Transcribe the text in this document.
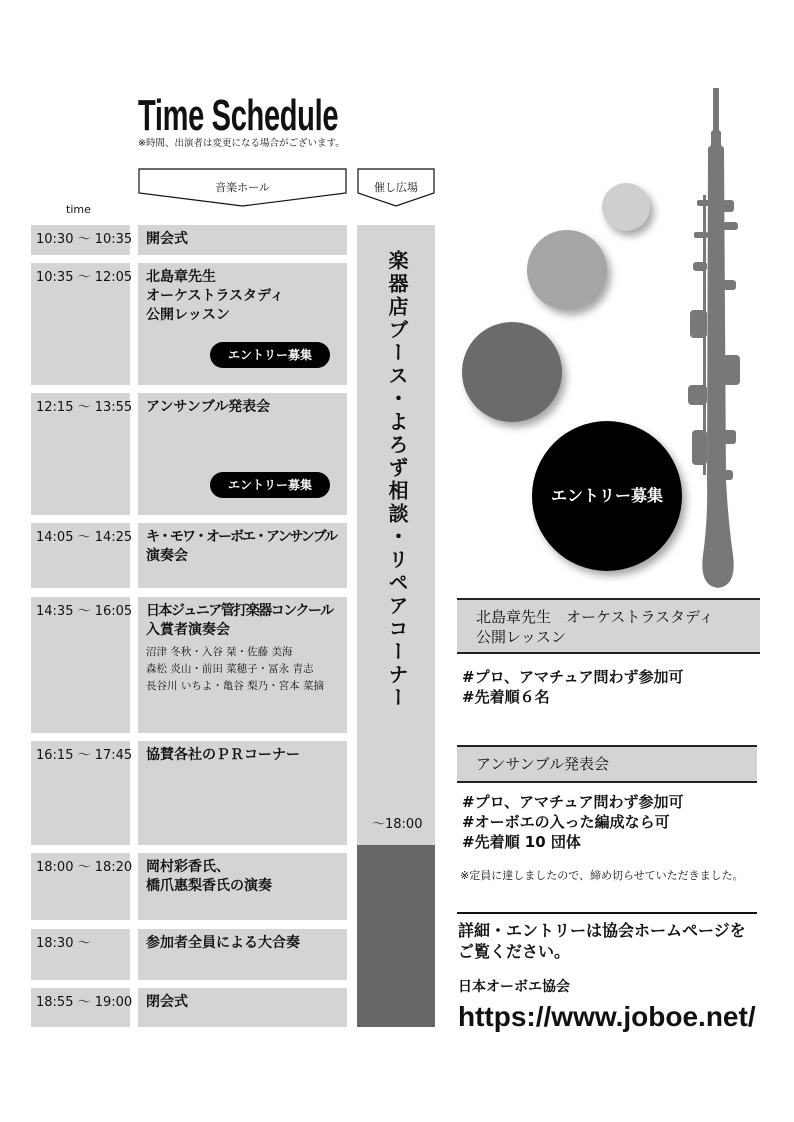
Time Schedule
※時間、出演者は変更になる場合がございます。
音楽ホール	催し広場
time
10:30 ～ 10:35
10:35 ～ 12:05
12:15 ～ 13:55
14:05 ～ 14:25
14:35 ～ 16:05
16:15 ～ 17:45
18:00 ～ 18:20
18:30 ～
18:55 ～ 19:00
開会式
北島章先生
オーケストラスタディ
公開レッスン
エントリー募集
アンサンブル発表会
エントリー募集
キ・モワ・オーボエ・アンサンブル
演奏会
日本ジュニア管打楽器コンクール
入賞者演奏会
沼津 冬秋・入谷 栞・佐藤 美海
森松 炎山・前田 菜穂子・冨永 青志
長谷川 いちよ・亀谷 梨乃・宮本 菜摘
協賛各社のＰＲコーナー
岡村彩香氏、
橋爪惠梨香氏の演奏
参加者全員による大合奏
閉会式
楽器店ブース・よろず相談・リペアコーナー
～18:00
エントリー募集
北島章先生　オーケストラスタディ
公開レッスン
#プロ、アマチュア問わず参加可
#先着順６名
アンサンブル発表会
#プロ、アマチュア問わず参加可
#オーボエの入った編成なら可
#先着順 10 団体
※定員に達しましたので、締め切らせていただきました。
詳細・エントリーは協会ホームページを
ご覧ください。
日本オーボエ協会
https://www.joboe.net/
